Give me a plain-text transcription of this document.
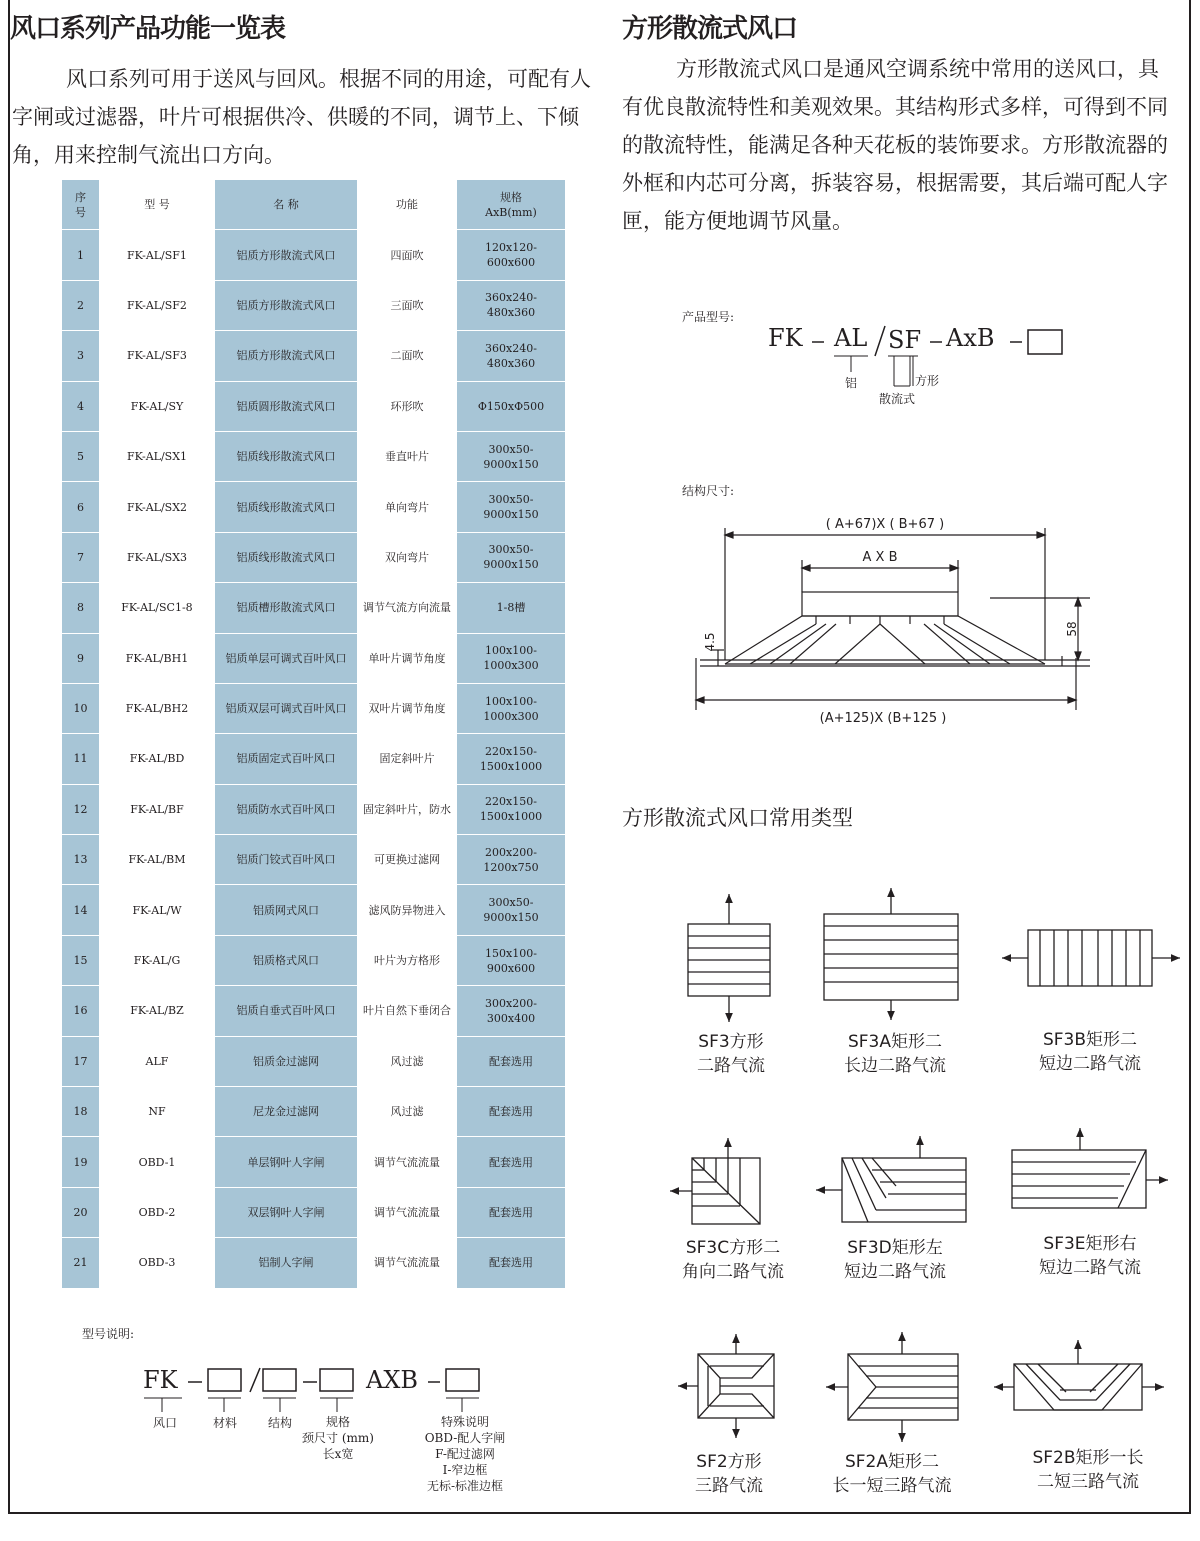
风口系列产品功能一览表
风口系列可用于送风与回风。根据不同的用途，可配有人字闸或过滤器，叶片可根据供冷、供暖的不同，调节上、下倾角，用来控制气流出口方向。
序
号	型 号	名 称	功能	规格
AxB(mm)
1	FK-AL/SF1	铝质方形散流式风口	四面吹	120x120-
600x600
2	FK-AL/SF2	铝质方形散流式风口	三面吹	360x240-
480x360
3	FK-AL/SF3	铝质方形散流式风口	二面吹	360x240-
480x360
4	FK-AL/SY	铝质圆形散流式风口	环形吹	Φ150xΦ500
5	FK-AL/SX1	铝质线形散流式风口	垂直叶片	300x50-
9000x150
6	FK-AL/SX2	铝质线形散流式风口	单向弯片	300x50-
9000x150
7	FK-AL/SX3	铝质线形散流式风口	双向弯片	300x50-
9000x150
8	FK-AL/SC1-8	铝质槽形散流式风口	调节气流方向流量	1-8槽
9	FK-AL/BH1	铝质单层可调式百叶风口	单叶片调节角度	100x100-
1000x300
10	FK-AL/BH2	铝质双层可调式百叶风口	双叶片调节角度	100x100-
1000x300
11	FK-AL/BD	铝质固定式百叶风口	固定斜叶片	220x150-
1500x1000
12	FK-AL/BF	铝质防水式百叶风口	固定斜叶片，防水	220x150-
1500x1000
13	FK-AL/BM	铝质门铰式百叶风口	可更换过滤网	200x200-
1200x750
14	FK-AL/W	铝质网式风口	滤风防异物进入	300x50-
9000x150
15	FK-AL/G	铝质格式风口	叶片为方格形	150x100-
900x600
16	FK-AL/BZ	铝质自垂式百叶风口	叶片自然下垂闭合	300x200-
300x400
17	ALF	铝质金过滤网	风过滤	配套选用
18	NF	尼龙金过滤网	风过滤	配套选用
19	OBD-1	单层钢叶人字闸	调节气流流量	配套选用
20	OBD-2	双层钢叶人字闸	调节气流流量	配套选用
21	OBD-3	铝制人字闸	调节气流流量	配套选用
型号说明:
FK	AXB
风口	材料	结构	规格
颈尺寸 (mm)
长x宽
特殊说明
OBD-配人字闸
F-配过滤网
I-窄边框
无标-标准边框
方形散流式风口
方形散流式风口是通风空调系统中常用的送风口，具有优良散流特性和美观效果。其结构形式多样，可得到不同的散流特性，能满足各种天花板的装饰要求。方形散流器的外框和内芯可分离，拆装容易，根据需要，其后端可配人字匣，能方便地调节风量。
产品型号:
FK AL SF AxB
铝
散流式
方形
结构尺寸:
( A+67)X ( B+67 )
A X B
(A+125)X (B+125 )
4.5
58
方形散流式风口常用类型
SF3方形
二路气流
SF3A矩形二
长边二路气流
SF3B矩形二
短边二路气流
SF3C方形二
角向二路气流
SF3D矩形左
短边二路气流
SF3E矩形右
短边二路气流
SF2方形
三路气流
SF2A矩形二
长一短三路气流
SF2B矩形一长
二短三路气流
